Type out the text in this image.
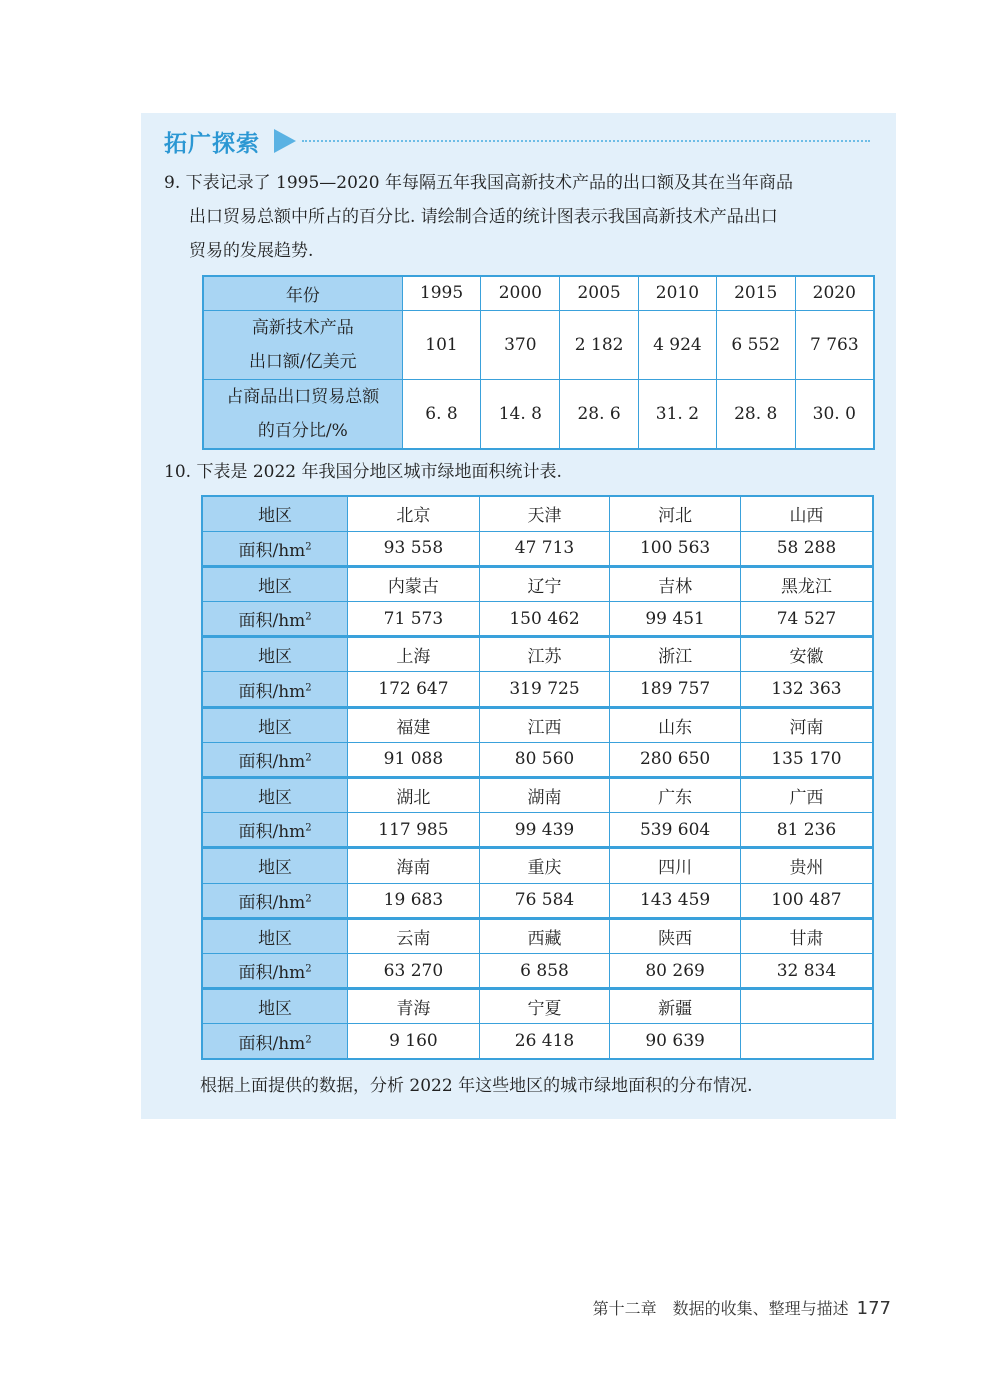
拓广探索
9. 下表记录了 1995—2020 年每隔五年我国高新技术产品的出口额及其在当年商品
出口贸易总额中所占的百分比. 请绘制合适的统计图表示我国高新技术产品出口
贸易的发展趋势.
年份	1995	2000	2005	2010	2015	2020

高新技术产品
出口额/亿美元	101	370	2 182	4 924	6 552	7 763

占商品出口贸易总额
的百分比/%	6. 8	14. 8	28. 6	31. 2	28. 8	30. 0
10. 下表是 2022 年我国分地区城市绿地面积统计表.
地区	北京	天津	河北	山西
面积$/hm^2$	93 558	47 713	100 563	58 288
地区	内蒙古	辽宁	吉林	黑龙江
面积$/hm^2$	71 573	150 462	99 451	74 527
地区	上海	江苏	浙江	安徽
面积$/hm^2$	172 647	319 725	189 757	132 363
地区	福建	江西	山东	河南
面积$/hm^2$	91 088	80 560	280 650	135 170
地区	湖北	湖南	广东	广西
面积$/hm^2$	117 985	99 439	539 604	81 236
地区	海南	重庆	四川	贵州
面积$/hm^2$	19 683	76 584	143 459	100 487
地区	云南	西藏	陕西	甘肃
面积$/hm^2$	63 270	6 858	80 269	32 834
地区	青海	宁夏	新疆	
面积$/hm^2$	9 160	26 418	90 639	
根据上面提供的数据，分析 2022 年这些地区的城市绿地面积的分布情况.
第十二章　数据的收集、整理与描述 177
